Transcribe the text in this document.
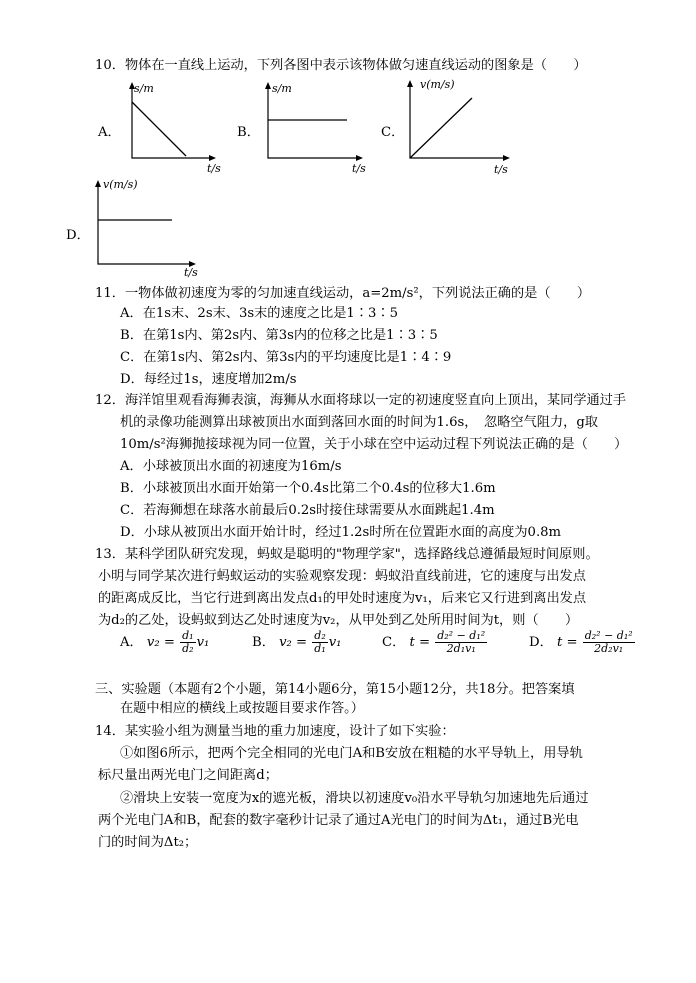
10．物体在一直线上运动，下列各图中表示该物体做匀速直线运动的图象是（　　）
A．
s/m
t/s
B．
s/m
t/s
C．
v(m/s)
t/s
D．
v(m/s)
t/s
11．一物体做初速度为零的匀加速直线运动，a=2m/s²，下列说法正确的是（　　）
A．在1s末、2s末、3s末的速度之比是1∶3∶5
B．在第1s内、第2s内、第3s内的位移之比是1∶3∶5
C．在第1s内、第2s内、第3s内的平均速度比是1∶4∶9
D．每经过1s，速度增加2m/s
12．海洋馆里观看海狮表演，海狮从水面将球以一定的初速度竖直向上顶出，某同学通过手
机的录像功能测算出球被顶出水面到落回水面的时间为1.6s，　忽略空气阻力，g取
10m/s²海狮抛接球视为同一位置，关于小球在空中运动过程下列说法正确的是（　　）
A．小球被顶出水面的初速度为16m/s
B．小球被顶出水面开始第一个0.4s比第二个0.4s的位移大1.6m
C．若海狮想在球落水前最后0.2s时接住球需要从水面跳起1.4m
D．小球从被顶出水面开始计时，经过1.2s时所在位置距水面的高度为0.8m
13．某科学团队研究发现，蚂蚁是聪明的"物理学家"，选择路线总遵循最短时间原则。
小明与同学某次进行蚂蚁运动的实验观察发现：蚂蚁沿直线前进，它的速度与出发点
的距离成反比，当它行进到离出发点d₁的甲处时速度为v₁，后来它又行进到离出发点
为d₂的乙处，设蚂蚁到达乙处时速度为v₂，从甲处到乙处所用时间为t，则（　　）
A． $v_2 = \frac{\text{d₁}}{\text{d₂}} v_1$	B． $v_2 = \frac{\text{d₂}}{\text{d₁}} v_1$	C． $t = \frac{\text{d₂² − d₁²}}{\text{2d₁v₁}}$	D． $t = \frac{\text{d₂² − d₁²}}{\text{2d₂v₁}}$
三、实验题（本题有2个小题，第14小题6分，第15小题12分，共18分。把答案填
在题中相应的横线上或按题目要求作答。）
14．某实验小组为测量当地的重力加速度，设计了如下实验：
①如图6所示，把两个完全相同的光电门A和B安放在粗糙的水平导轨上，用导轨
标尺量出两光电门之间距离d；
②滑块上安装一宽度为x的遮光板，滑块以初速度v₀沿水平导轨匀加速地先后通过
两个光电门A和B，配套的数字毫秒计记录了通过A光电门的时间为Δt₁，通过B光电
门的时间为Δt₂；
